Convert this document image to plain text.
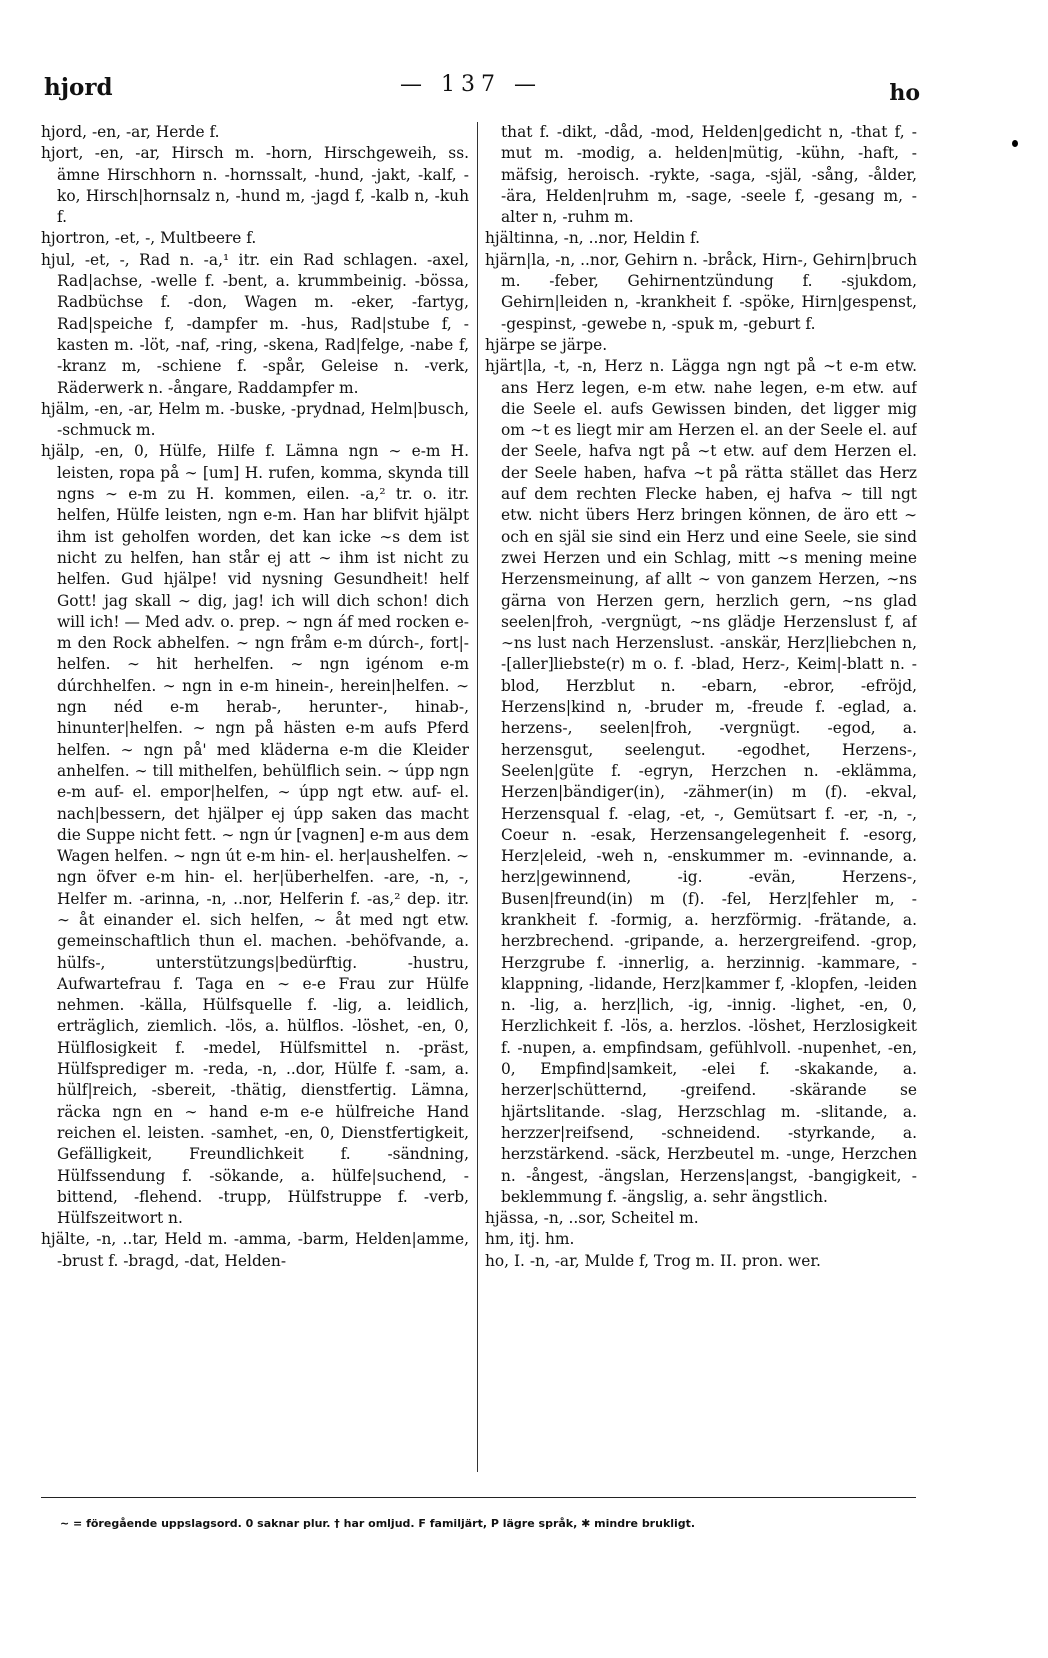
hjord	— 137 —	ho

hjord, -en, -ar, Herde f.

hjort, -en, -ar, Hirsch m. -horn, Hirschgeweih, ss. ämne Hirschhorn n. -hornssalt, -hund, -jakt, -kalf, -ko, Hirsch|hornsalz n, -hund m, -jagd f, -kalb n, -kuh f.

hjortron, -et, -, Multbeere f.

hjul, -et, -, Rad n. -a,¹ itr. ein Rad schlagen. -axel, Rad|achse, -welle f. -bent, a. krummbeinig. -bössa, Radbüchse f. -don, Wagen m. -eker, -fartyg, Rad|speiche f, -dampfer m. -hus, Rad|stube f, -kasten m. -löt, -naf, -ring, -skena, Rad|felge, -nabe f, -kranz m, -schiene f. -spår, Geleise n. -verk, Räderwerk n. -ångare, Raddampfer m.

hjälm, -en, -ar, Helm m. -buske, -prydnad, Helm|busch, -schmuck m.

hjälp, -en, 0, Hülfe, Hilfe f. Lämna ngn ∼ e-m H. leisten, ropa på ∼ [um] H. rufen, komma, skynda till ngns ∼ e-m zu H. kommen, eilen. -a,² tr. o. itr. helfen, Hülfe leisten, ngn e-m. Han har blifvit hjälpt ihm ist geholfen worden, det kan icke ∼s dem ist nicht zu helfen, han står ej att ∼ ihm ist nicht zu helfen. Gud hjälpe! vid nysning Gesundheit! helf Gott! jag skall ∼ dig, jag! ich will dich schon! dich will ich! — Med adv. o. prep. ∼ ngn áf med rocken e-m den Rock abhelfen. ∼ ngn fråm e-m dúrch-, fort|-helfen. ∼ hit herhelfen. ∼ ngn igénom e-m dúrchhelfen. ∼ ngn in e-m hinein-, herein|helfen. ∼ ngn néd e-m herab-, herunter-, hinab-, hinunter|helfen. ∼ ngn på hästen e-m aufs Pferd helfen. ∼ ngn på' med kläderna e-m die Kleider anhelfen. ∼ till mithelfen, behülflich sein. ∼ úpp ngn e-m auf- el. empor|helfen, ∼ úpp ngt etw. auf- el. nach|bessern, det hjälper ej úpp saken das macht die Suppe nicht fett. ∼ ngn úr [vagnen] e-m aus dem Wagen helfen. ∼ ngn út e-m hin- el. her|aushelfen. ∼ ngn öfver e-m hin- el. her|überhelfen. -are, -n, -, Helfer m. -arinna, -n, ..nor, Helferin f. -as,² dep. itr. ∼ åt einander el. sich helfen, ∼ åt med ngt etw. gemeinschaftlich thun el. machen. -behöfvande, a. hülfs-, unterstützungs|bedürftig. -hustru, Aufwartefrau f. Taga en ∼ e-e Frau zur Hülfe nehmen. -källa, Hülfsquelle f. -lig, a. leidlich, erträglich, ziemlich. -lös, a. hülflos. -löshet, -en, 0, Hülflosigkeit f. -medel, Hülfsmittel n. -präst, Hülfsprediger m. -reda, -n, ..dor, Hülfe f. -sam, a. hülf|reich, -sbereit, -thätig, dienstfertig. Lämna, räcka ngn en ∼ hand e-m e-e hülfreiche Hand reichen el. leisten. -samhet, -en, 0, Dienstfertigkeit, Gefälligkeit, Freundlichkeit f. -sändning, Hülfssendung f. -sökande, a. hülfe|suchend, -bittend, -flehend. -trupp, Hülfstruppe f. -verb, Hülfszeitwort n.

hjälte, -n, ..tar, Held m. -amma, -barm, Helden|amme, -brust f. -bragd, -dat, Helden-

that f. -dikt, -dåd, -mod, Helden|gedicht n, -that f, -mut m. -modig, a. helden|mütig, -kühn, -haft, -mäfsig, heroisch. -rykte, -saga, -själ, -sång, -ålder, -ära, Helden|ruhm m, -sage, -seele f, -gesang m, -alter n, -ruhm m.

hjältinna, -n, ..nor, Heldin f.

hjärn|la, -n, ..nor, Gehirn n. -bråck, Hirn-, Gehirn|bruch m. -feber, Gehirnentzündung f. -sjukdom, Gehirn|leiden n, -krankheit f. -spöke, Hirn|gespenst, -gespinst, -gewebe n, -spuk m, -geburt f.

hjärpe se järpe.

hjärt|la, -t, -n, Herz n. Lägga ngn ngt på ∼t e-m etw. ans Herz legen, e-m etw. nahe legen, e-m etw. auf die Seele el. aufs Gewissen binden, det ligger mig om ∼t es liegt mir am Herzen el. an der Seele el. auf der Seele, hafva ngt på ∼t etw. auf dem Herzen el. der Seele haben, hafva ∼t på rätta stället das Herz auf dem rechten Flecke haben, ej hafva ∼ till ngt etw. nicht übers Herz bringen können, de äro ett ∼ och en själ sie sind ein Herz und eine Seele, sie sind zwei Herzen und ein Schlag, mitt ∼s mening meine Herzensmeinung, af allt ∼ von ganzem Herzen, ∼ns gärna von Herzen gern, herzlich gern, ∼ns glad seelen|froh, -vergnügt, ∼ns glädje Herzenslust f, af ∼ns lust nach Herzenslust. -anskär, Herz|liebchen n, -[aller]liebste(r) m o. f. -blad, Herz-, Keim|-blatt n. -blod, Herzblut n. -ebarn, -ebror, -efröjd, Herzens|kind n, -bruder m, -freude f. -eglad, a. herzens-, seelen|froh, -vergnügt. -egod, a. herzensgut, seelengut. -egodhet, Herzens-, Seelen|güte f. -egryn, Herzchen n. -eklämma, Herzen|bändiger(in), -zähmer(in) m (f). -ekval, Herzensqual f. -elag, -et, -, Gemütsart f. -er, -n, -, Coeur n. -esak, Herzensangelegenheit f. -esorg, Herz|eleid, -weh n, -enskummer m. -evinnande, a. herz|gewinnend, -ig. -evän, Herzens-, Busen|freund(in) m (f). -fel, Herz|fehler m, -krankheit f. -formig, a. herzförmig. -frätande, a. herzbrechend. -gripande, a. herzergreifend. -grop, Herzgrube f. -innerlig, a. herzinnig. -kammare, -klappning, -lidande, Herz|kammer f, -klopfen, -leiden n. -lig, a. herz|lich, -ig, -innig. -lighet, -en, 0, Herzlichkeit f. -lös, a. herzlos. -löshet, Herzlosigkeit f. -nupen, a. empfindsam, gefühlvoll. -nupenhet, -en, 0, Empfind|samkeit, -elei f. -skakande, a. herzer|schütternd, -greifend. -skärande se hjärtslitande. -slag, Herzschlag m. -slitande, a. herzzer|reifsend, -schneidend. -styrkande, a. herzstärkend. -säck, Herzbeutel m. -unge, Herzchen n. -ångest, -ängslan, Herzens|angst, -bangigkeit, -beklemmung f. -ängslig, a. sehr ängstlich.

hjässa, -n, ..sor, Scheitel m.

hm, itj. hm.

ho, I. -n, -ar, Mulde f, Trog m. II. pron. wer.

∼ = föregående uppslagsord. 0 saknar plur. † har omljud. F familjärt, P lägre språk, ✱ mindre brukligt.
